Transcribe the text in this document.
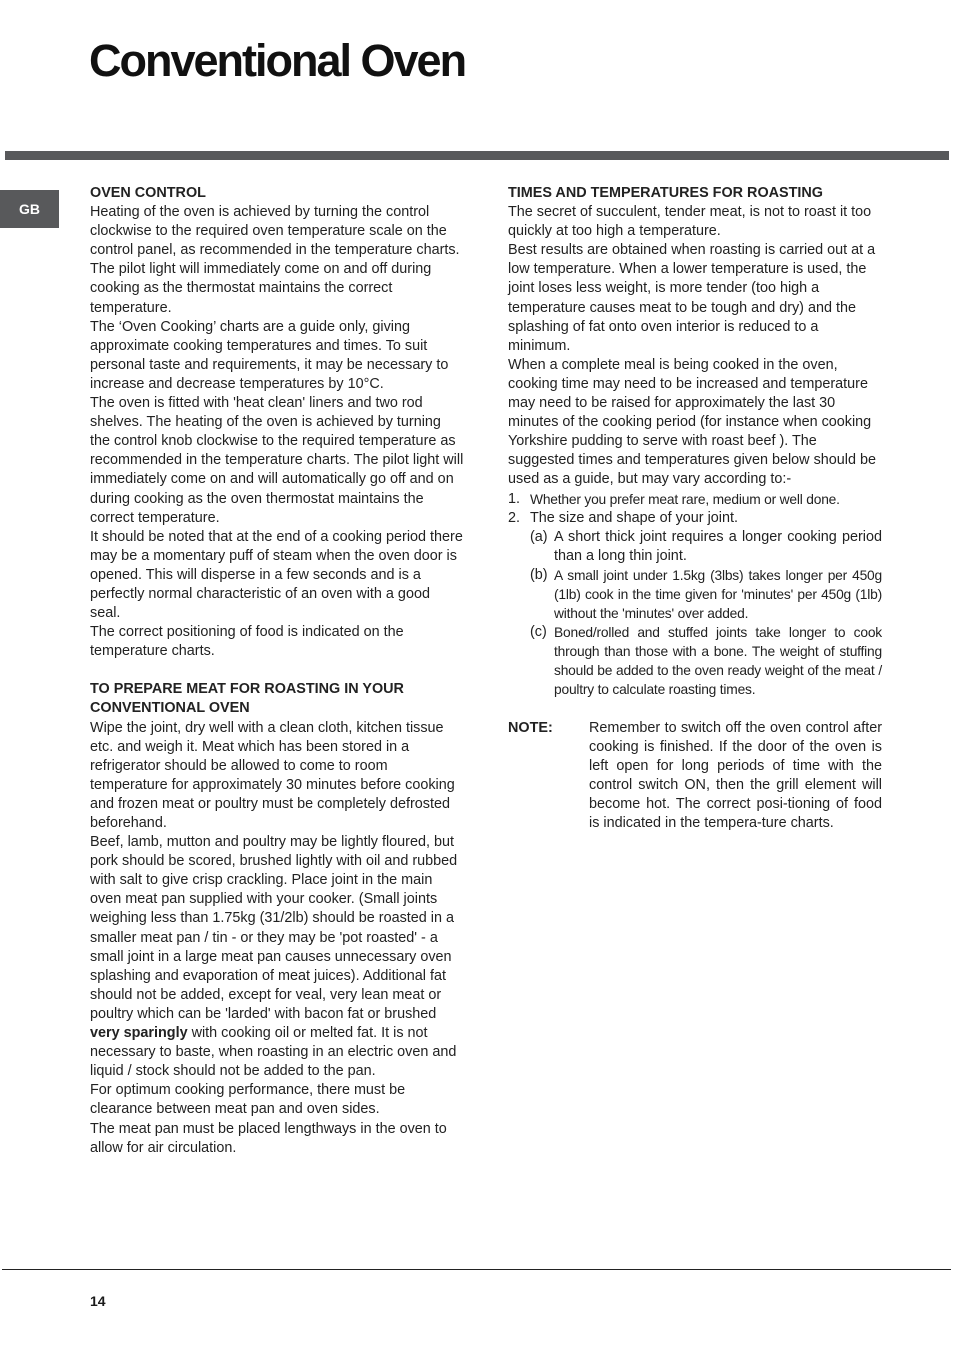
Conventional Oven
GB

OVEN CONTROL

Heating of the oven is achieved by turning the control clockwise to the required oven temperature scale on the control panel, as recommended in the temperature charts. The pilot light will immediately come on and off during cooking as the thermostat maintains the correct temperature.

The ‘Oven Cooking’ charts are a guide only, giving approximate cooking temperatures and times. To suit personal taste and requirements, it may be necessary to increase and decrease temperatures by 10°C.

The oven is fitted with 'heat clean' liners and two rod shelves. The heating of the oven is achieved by turning the control knob clockwise to the required temperature as recommended in the temperature charts. The pilot light will immediately come on and will automatically go off and on during cooking as the oven thermostat maintains the correct temperature.

It should be noted that at the end of a cooking period there may be a momentary puff of steam when the oven door is opened. This will disperse in a few seconds and is a perfectly normal characteristic of an oven with a good seal.

The correct positioning of food is indicated on the temperature charts.

TO PREPARE MEAT FOR ROASTING IN YOUR CONVENTIONAL OVEN

Wipe the joint, dry well with a clean cloth, kitchen tissue etc. and weigh it. Meat which has been stored in a refrigerator should be allowed to come to room temperature for approximately 30 minutes before cooking and frozen meat or poultry must be completely defrosted beforehand.

Beef, lamb, mutton and poultry may be lightly floured, but pork should be scored, brushed lightly with oil and rubbed with salt to give crisp crackling. Place joint in the main oven meat pan supplied with your cooker. (Small joints weighing less than 1.75kg (31/2lb) should be roasted in a smaller meat pan / tin - or they may be 'pot roasted' - a small joint in a large meat pan causes unnecessary oven splashing and evaporation of meat juices). Additional fat should not be added, except for veal, very lean meat or poultry which can be 'larded' with bacon fat or brushed very sparingly with cooking oil or melted fat. It is not necessary to baste, when roasting in an electric oven and liquid / stock should not be added to the pan.

For optimum cooking performance, there must be clearance between meat pan and oven sides.

The meat pan must be placed lengthways in the oven to allow for air circulation.

TIMES AND TEMPERATURES FOR ROASTING

The secret of succulent, tender meat, is not to roast it too quickly at too high a temperature.

Best results are obtained when roasting is carried out at a low temperature. When a lower temperature is used, the joint loses less weight, is more tender (too high a temperature causes meat to be tough and dry) and the splashing of fat onto oven interior is reduced to a minimum.

When a complete meal is being cooked in the oven, cooking time may need to be increased and temperature may need to be raised for approximately the last 30 minutes of the cooking period (for instance when cooking Yorkshire pudding to serve with roast beef ). The suggested times and temperatures given below should be used as a guide, but may vary according to:-

1. Whether you prefer meat rare, medium or well done.
2. The size and shape of your joint.
(a) A short thick joint requires a longer cooking period than a long thin joint.
(b) A small joint under 1.5kg (3lbs) takes longer per 450g (1lb) cook in the time given for 'minutes' per 450g (1lb) without the 'minutes' over added.
(c) Boned/rolled and stuffed joints take longer to cook through than those with a bone. The weight of stuffing should be added to the oven ready weight of the meat / poultry to calculate roasting times.
NOTE:	Remember to switch off the oven control after cooking is finished. If the door of the oven is left open for long periods of time with the control switch ON, then the grill element will become hot. The correct posi-tioning of food is indicated in the tempera-ture charts.
14
